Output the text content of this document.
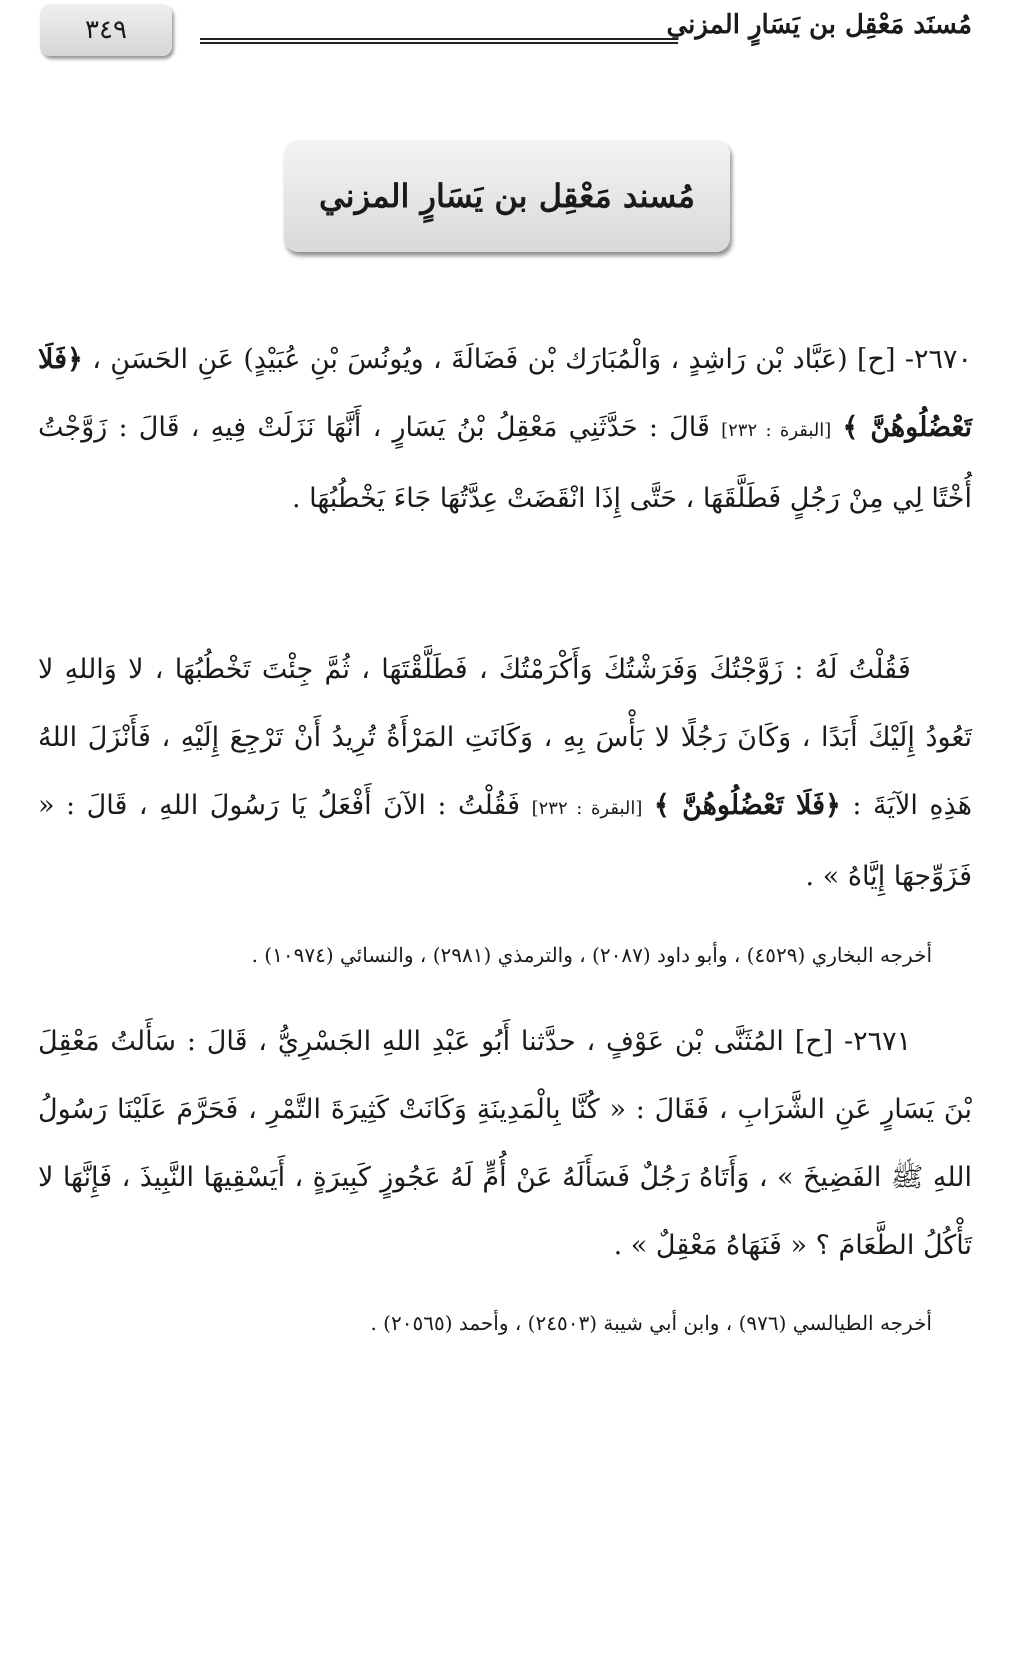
٣٤٩	مُسنَد مَعْقِل بن يَسَارٍ المزني
مُسند مَعْقِل بن يَسَارٍ المزني
٢٦٧٠- [ح] (عَبَّاد بْن رَاشِدٍ ، وَالْمُبَارَك بْن فَضَالَةَ ، ويُونُسَ بْنِ عُبَيْدٍ) عَنِ الحَسَنِ ، ﴿فَلَا تَعْضُلُوهُنَّ ﴾ [البقرة : ٢٣٢] قَالَ : حَدَّثَنِي مَعْقِلُ بْنُ يَسَارٍ ، أَنَّهَا نَزَلَتْ فِيهِ ، قَالَ : زَوَّجْتُ أُخْتًا لِي مِنْ رَجُلٍ فَطَلَّقَهَا ، حَتَّى إِذَا انْقَضَتْ عِدَّتُهَا جَاءَ يَخْطُبُهَا .
فَقُلْتُ لَهُ : زَوَّجْتُكَ وَفَرَشْتُكَ وَأَكْرَمْتُكَ ، فَطَلَّقْتَهَا ، ثُمَّ جِئْتَ تَخْطُبُهَا ، لا وَاللهِ لا تَعُودُ إِلَيْكَ أَبَدًا ، وَكَانَ رَجُلًا لا بَأْسَ بِهِ ، وَكَانَتِ المَرْأَةُ تُرِيدُ أَنْ تَرْجِعَ إِلَيْهِ ، فَأَنْزَلَ اللهُ هَذِهِ الآيَةَ : ﴿فَلَا تَعْضُلُوهُنَّ ﴾ [البقرة : ٢٣٢] فَقُلْتُ : الآنَ أَفْعَلُ يَا رَسُولَ اللهِ ، قَالَ : « فَزَوِّجهَا إِيَّاهُ » .
أخرجه البخاري (٤٥٢٩) ، وأبو داود (٢٠٨٧) ، والترمذي (٢٩٨١) ، والنسائي (١٠٩٧٤) .
٢٦٧١- [ح] المُثَنَّى بْن عَوْفٍ ، حدَّثنا أَبُو عَبْدِ اللهِ الجَسْرِيُّ ، قَالَ : سَأَلتُ مَعْقِلَ بْنَ يَسَارٍ عَنِ الشَّرَابِ ، فَقَالَ : « كُنَّا بِالْمَدِينَةِ وَكَانَتْ كَثِيرَةَ التَّمْرِ ، فَحَرَّمَ عَلَيْنَا رَسُولُ اللهِ ﷺ الفَضِيخَ » ، وَأَتَاهُ رَجُلٌ فَسَأَلَهُ عَنْ أُمٍّ لَهُ عَجُوزٍ كَبِيرَةٍ ، أَيَسْقِيهَا النَّبِيذَ ، فَإِنَّهَا لا تَأْكُلُ الطَّعَامَ ؟ « فَنَهَاهُ مَعْقِلٌ » .
أخرجه الطيالسي (٩٧٦) ، وابن أبي شيبة (٢٤٥٠٣) ، وأحمد (٢٠٥٦٥) .
